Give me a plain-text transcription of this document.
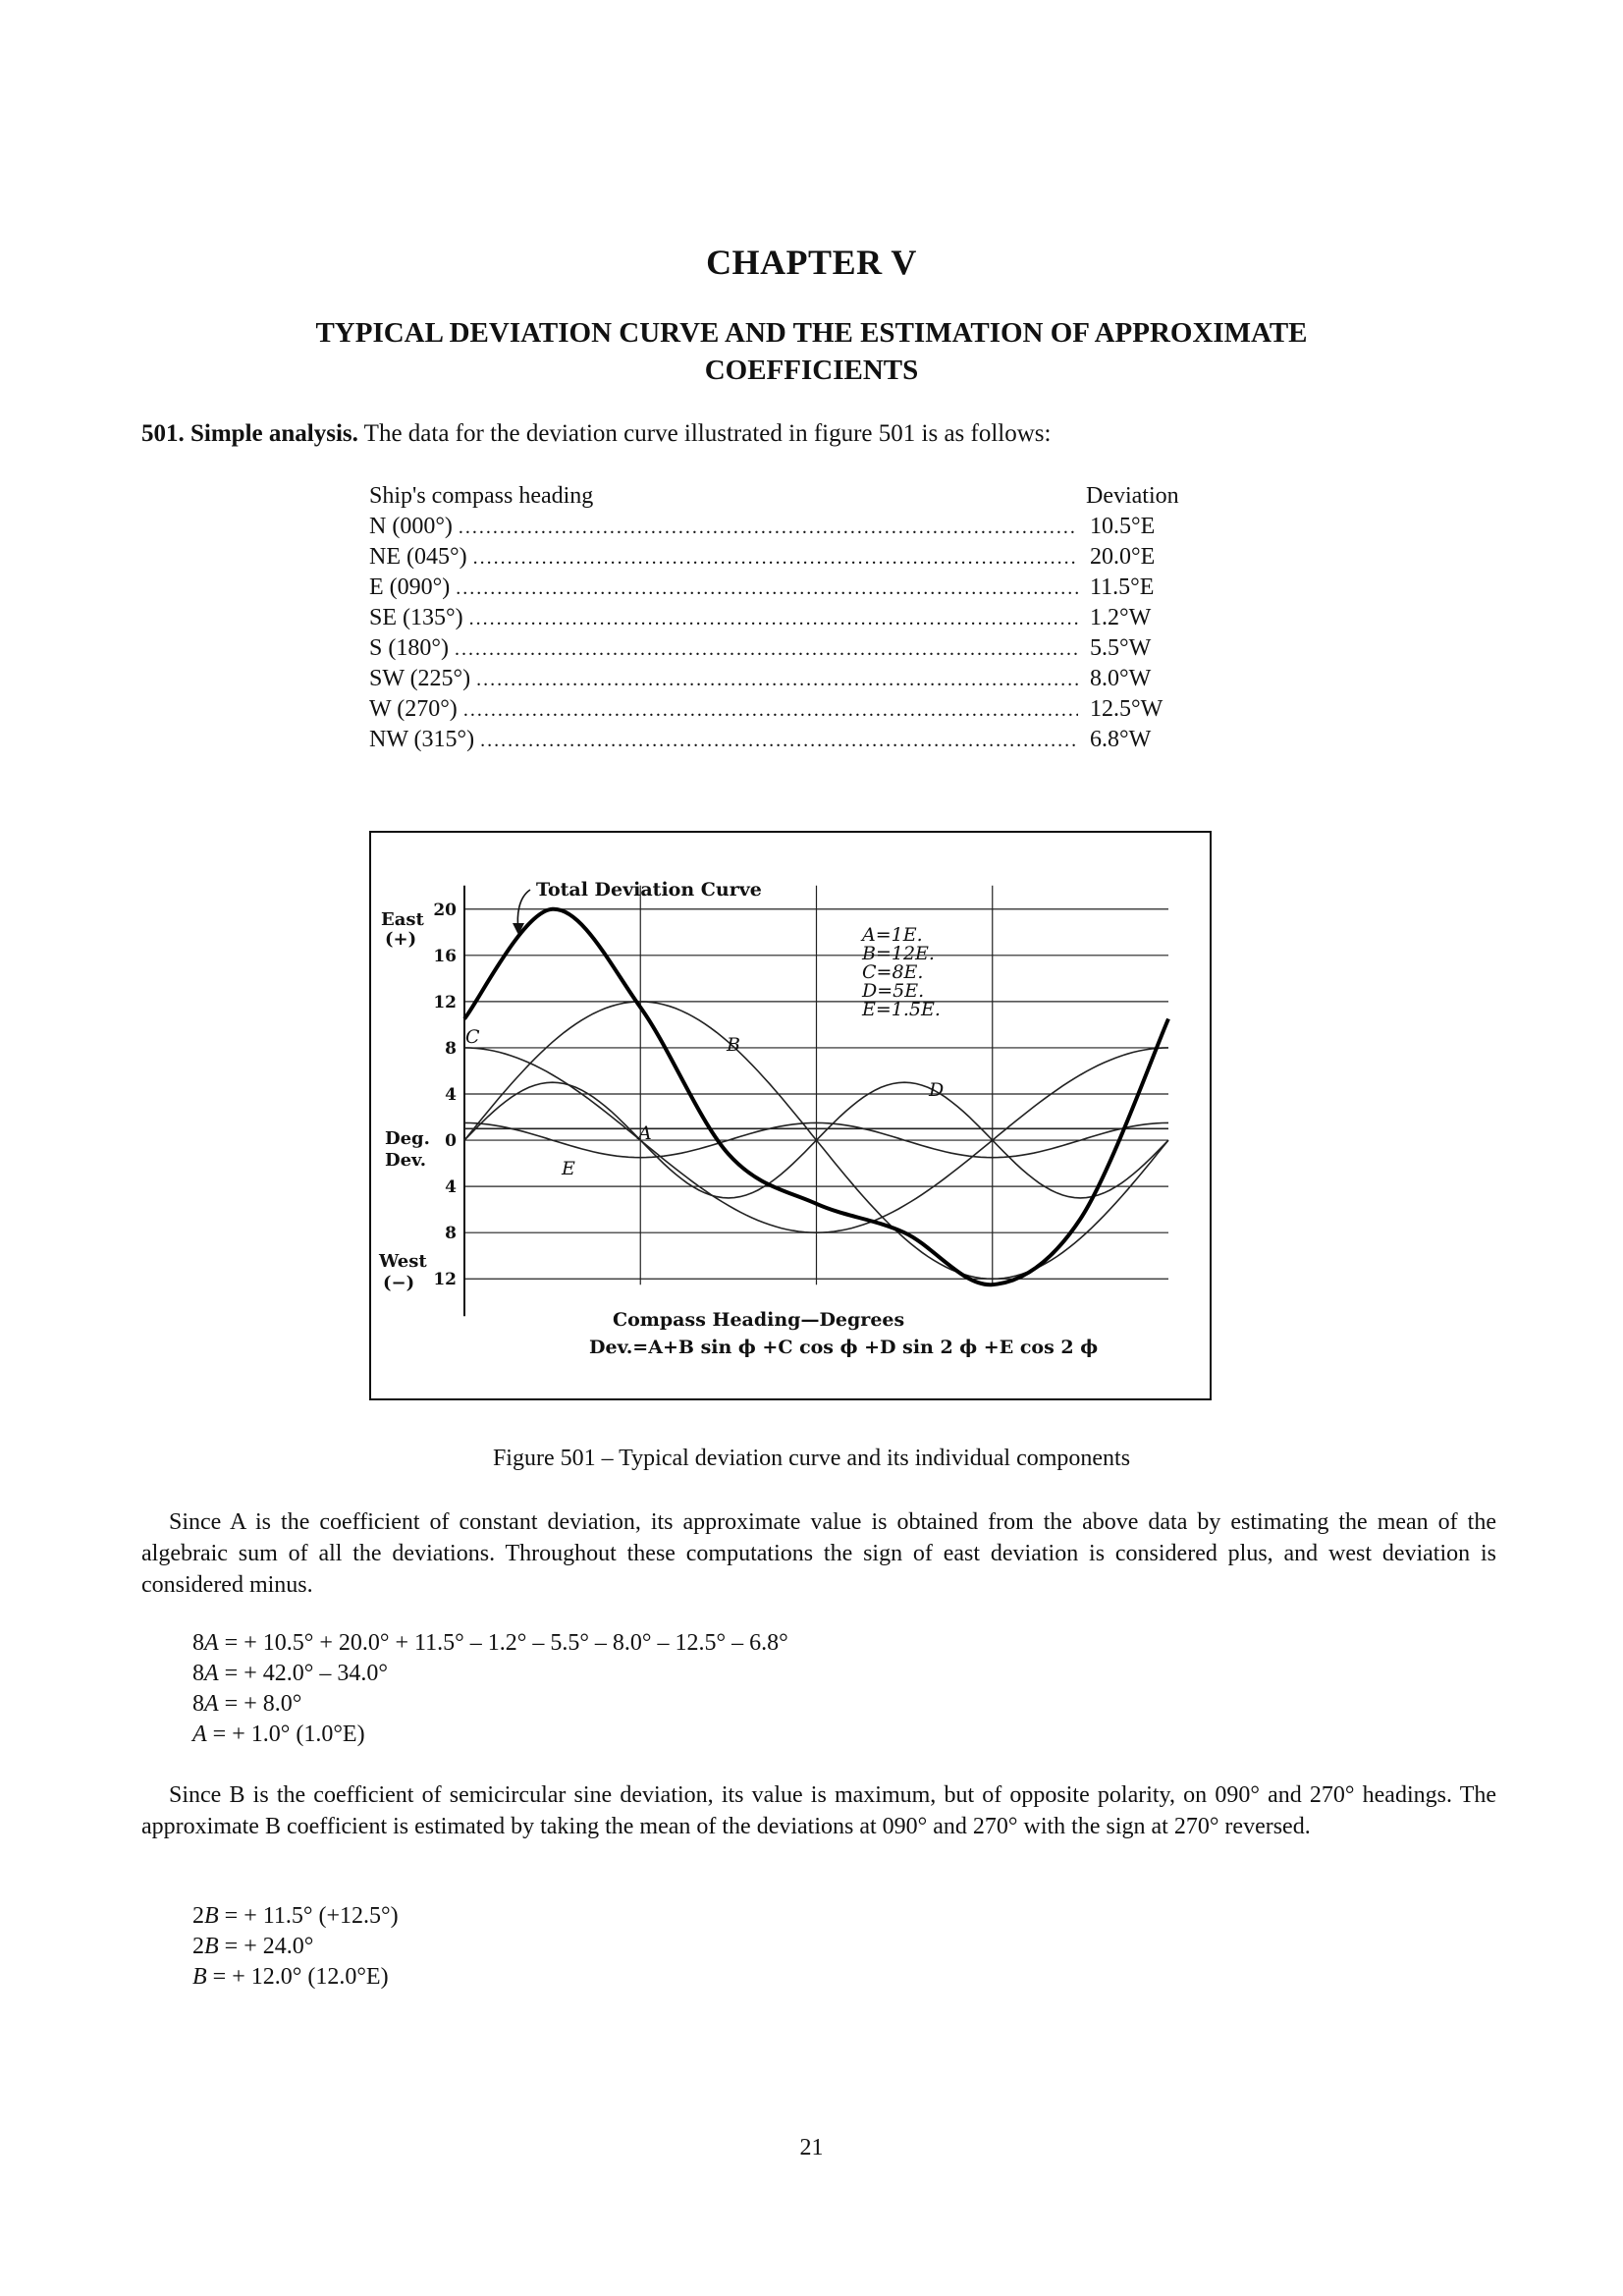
CHAPTER V
TYPICAL DEVIATION CURVE AND THE ESTIMATION OF APPROXIMATE
COEFFICIENTS
501. Simple analysis. The data for the deviation curve illustrated in figure 501 is as follows:
Ship's compass heading	Deviation
N (000°) .....	10.5°E
NE (045°) .....	20.0°E
E (090°) .....	11.5°E
SE (135°) .....	1.2°W
S (180°) .....	5.5°W
SW (225°) .....	8.0°W
W (270°) .....	12.5°W
NW (315°) .....	6.8°W
20
16
12
8
4
0
4
8
12
East
(+)
Deg.
Dev.
West
(−)
Total Deviation Curve
A=1E.
B=12E.
C=8E.
D=5E.
E=1.5E.
A
B
C
D
E
Compass Heading—Degrees
Dev.=A+B sin ϕ +C cos ϕ +D sin 2 ϕ +E cos 2 ϕ
Figure 501 – Typical deviation curve and its individual components
Since A is the coefficient of constant deviation, its approximate value is obtained from the above data by estimating the mean of the algebraic sum of all the deviations. Throughout these computations the sign of east deviation is considered plus, and west deviation is considered minus.
8A = + 10.5° + 20.0° + 11.5° – 1.2° – 5.5° – 8.0° – 12.5° – 6.8°
8A = + 42.0° – 34.0°
8A = + 8.0°
A = + 1.0° (1.0°E)
Since B is the coefficient of semicircular sine deviation, its value is maximum, but of opposite polarity, on 090° and 270° headings. The approximate B coefficient is estimated by taking the mean of the deviations at 090° and 270° with the sign at 270° reversed.
2B = + 11.5° (+12.5°)
2B = + 24.0°
B = + 12.0° (12.0°E)
21
